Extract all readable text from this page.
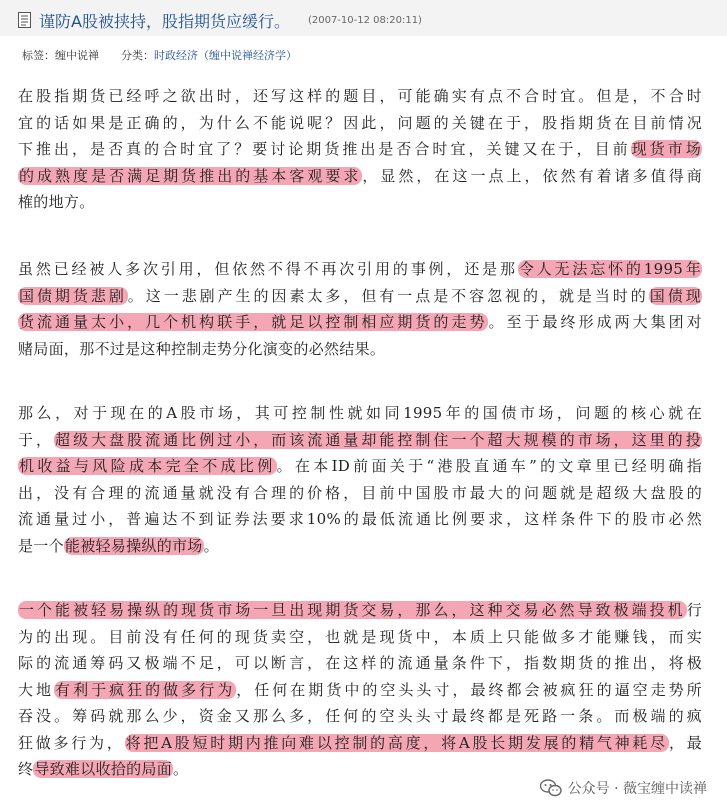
谨防A股被挟持，股指期货应缓行。 (2007-10-12 08:20:11)
标签：缠中说禅 分类：时政经济（缠中说禅经济学）
在股指期货已经呼之欲出时，还写这样的题目，可能确实有点不合时宜。但是，不合时
宜的话如果是正确的，为什么不能说呢？因此，问题的关键在于，股指期货在目前情况
下推出，是否真的合时宜了？要讨论期货推出是否合时宜，关键又在于，目前现货市场
的成熟度是否满足期货推出的基本客观要求，显然，在这一点上，依然有着诸多值得商
榷的地方。
虽然已经被人多次引用，但依然不得不再次引用的事例，还是那令人无法忘怀的1995年
国债期货悲剧。这一悲剧产生的因素太多，但有一点是不容忽视的，就是当时的国债现
货流通量太小，几个机构联手，就足以控制相应期货的走势。至于最终形成两大集团对
赌局面，那不过是这种控制走势分化演变的必然结果。
那么，对于现在的A股市场，其可控制性就如同1995年的国债市场，问题的核心就在
于，超级大盘股流通比例过小，而该流通量却能控制住一个超大规模的市场，这里的投
机收益与风险成本完全不成比例。在本ID前面关于“港股直通车”的文章里已经明确指
出，没有合理的流通量就没有合理的价格，目前中国股市最大的问题就是超级大盘股的
流通量过小，普遍达不到证券法要求10%的最低流通比例要求，这样条件下的股市必然
是一个能被轻易操纵的市场。
一个能被轻易操纵的现货市场一旦出现期货交易，那么，这种交易必然导致极端投机行
为的出现。目前没有任何的现货卖空，也就是现货中，本质上只能做多才能赚钱，而实
际的流通筹码又极端不足，可以断言，在这样的流通量条件下，指数期货的推出，将极
大地有利于疯狂的做多行为，任何在期货中的空头头寸，最终都会被疯狂的逼空走势所
吞没。筹码就那么少，资金又那么多，任何的空头头寸最终都是死路一条。而极端的疯
狂做多行为，将把A股短时期内推向难以控制的高度，将A股长期发展的精气神耗尽，最
终导致难以收拾的局面。
公众号 · 薇宝缠中读禅
